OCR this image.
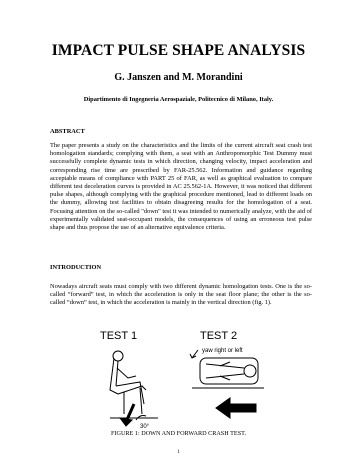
IMPACT PULSE SHAPE ANALYSIS
G. Janszen and M. Morandini
Dipartimento di Ingegneria Aerospaziale, Politecnico di Milano, Italy.
ABSTRACT

The paper presents a study on the characteristics and the limits of the current aircraft seat crash test homologation standards; complying with them, a seat with an Anthropomorphic Test Dummy must successfully complete dynamic tests in which direction, changing velocity, impact acceleration and corresponding rise time are prescribed by FAR-25.562. Information and guidance regarding acceptable means of compliance with PART 25 of FAR, as well as graphical evaluation to compare different test deceleration curves is provided in AC 25.562-1A. However, it was noticed that different pulse shapes, although complying with the graphical procedure mentioned, lead to different loads on the dummy, allowing test facilities to obtain disagreeing results for the homologation of a seat. Focusing attention on the so-called "down" test it was intended to numerically analyze, with the aid of experimentally validated seat-occupant models, the consequences of using an erroneous test pulse shape and thus propose the use of an alternative equivalence criteria.

INTRODUCTION

Nowadays aircraft seats must comply with two different dynamic homologation tests. One is the so-called “forward” test, in which the acceleration is only in the seat floor plane; the other is the so-called “down” test, in which the acceleration is mainly in the vertical direction (fig. 1).

TEST 1	TEST 2
30°
yaw right or left
FIGURE 1: DOWN AND FORWARD CRASH TEST.
1
